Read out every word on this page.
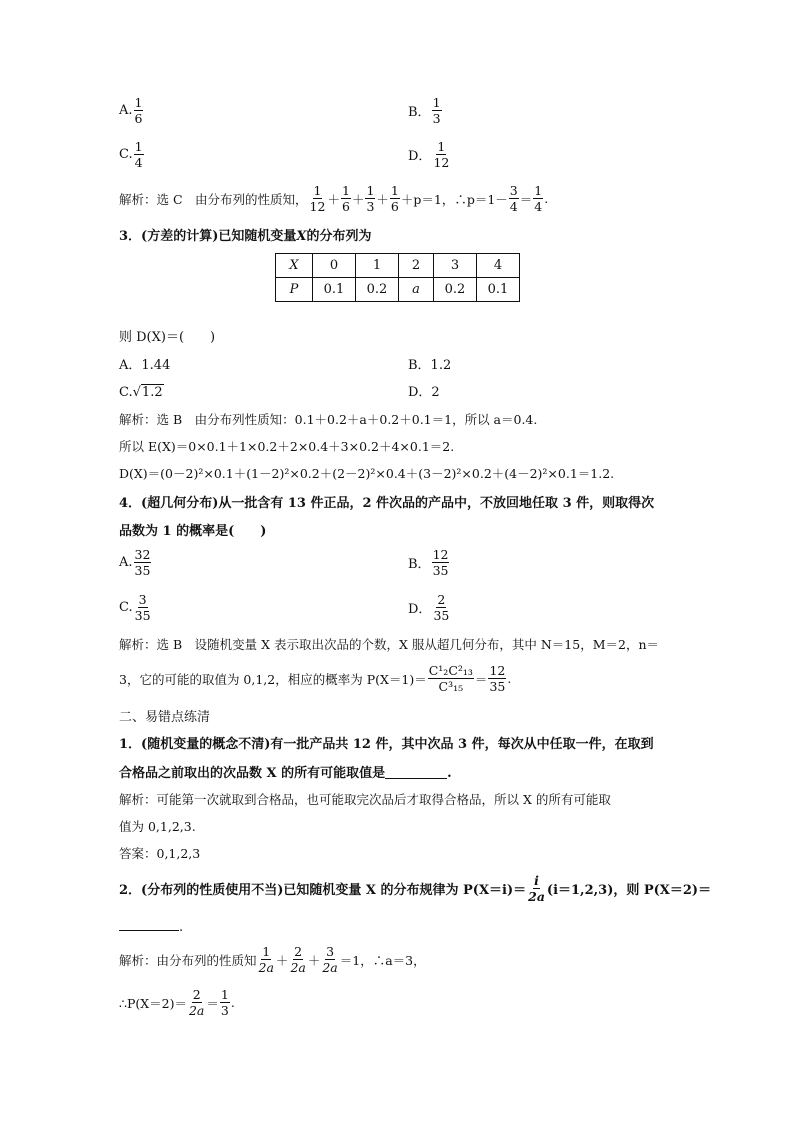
A. $\frac{1}{6}$	B． $\frac{1}{3}$
C. $\frac{1}{4}$	D． $\frac{1}{12}$
解析：选 C　由分布列的性质知， $\frac{1}{12} + \frac{1}{6} + \frac{1}{3} + \frac{1}{6} +p=1$，∴p＝1－ $\frac{3}{4} = \frac{1}{4}$ .
3．(方差的计算)已知随机变量X的分布列为
X	0	1	2	3	4
P	0.1	0.2	a	0.2	0.1
则 D(X)＝(　　)
A．1.44	B．1.2
C.√1.2	D．2
解析：选 B　由分布列性质知：0.1＋0.2＋a＋0.2＋0.1＝1，所以 a＝0.4.
所以 E(X)＝0×0.1＋1×0.2＋2×0.4＋3×0.2＋4×0.1＝2.
D(X)＝(0－2)²×0.1＋(1－2)²×0.2＋(2－2)²×0.4＋(3－2)²×0.2＋(4－2)²×0.1＝1.2.
4．(超几何分布)从一批含有 13 件正品，2 件次品的产品中，不放回地任取 3 件，则取得次
品数为 1 的概率是(　　)
A. $\frac{32}{35}$	B． $\frac{12}{35}$
C. $\frac{3}{35}$	D． $\frac{2}{35}$
解析：选 B　设随机变量 X 表示取出次品的个数，X 服从超几何分布，其中 N＝15，M＝2，n＝
3，它的可能的取值为 0,1,2，相应的概率为 $P(X=1)= \frac{\text{C¹₂C²₁₃}}{\text{C³₁₅}} = \frac{12}{35}$ .
二、易错点练清
1．(随机变量的概念不清)有一批产品共 12 件，其中次品 3 件，每次从中任取一件，在取到
合格品之前取出的次品数 X 的所有可能取值是	.
解析：可能第一次就取到合格品，也可能取完次品后才取得合格品，所以 X 的所有可能取
值为 0,1,2,3.
答案：0,1,2,3
2．(分布列的性质使用不当)已知随机变量 X 的分布规律为 $P(X=i)= \frac{i}{2a} (i=1,2,3)$，则 P(X＝2)＝
.
解析：由分布列的性质知 $\frac{1}{2a} + \frac{2}{2a} + \frac{3}{2a} =1$，∴a＝3，
∴P(X＝2)＝ $\frac{2}{2a} = \frac{1}{3}$ .
